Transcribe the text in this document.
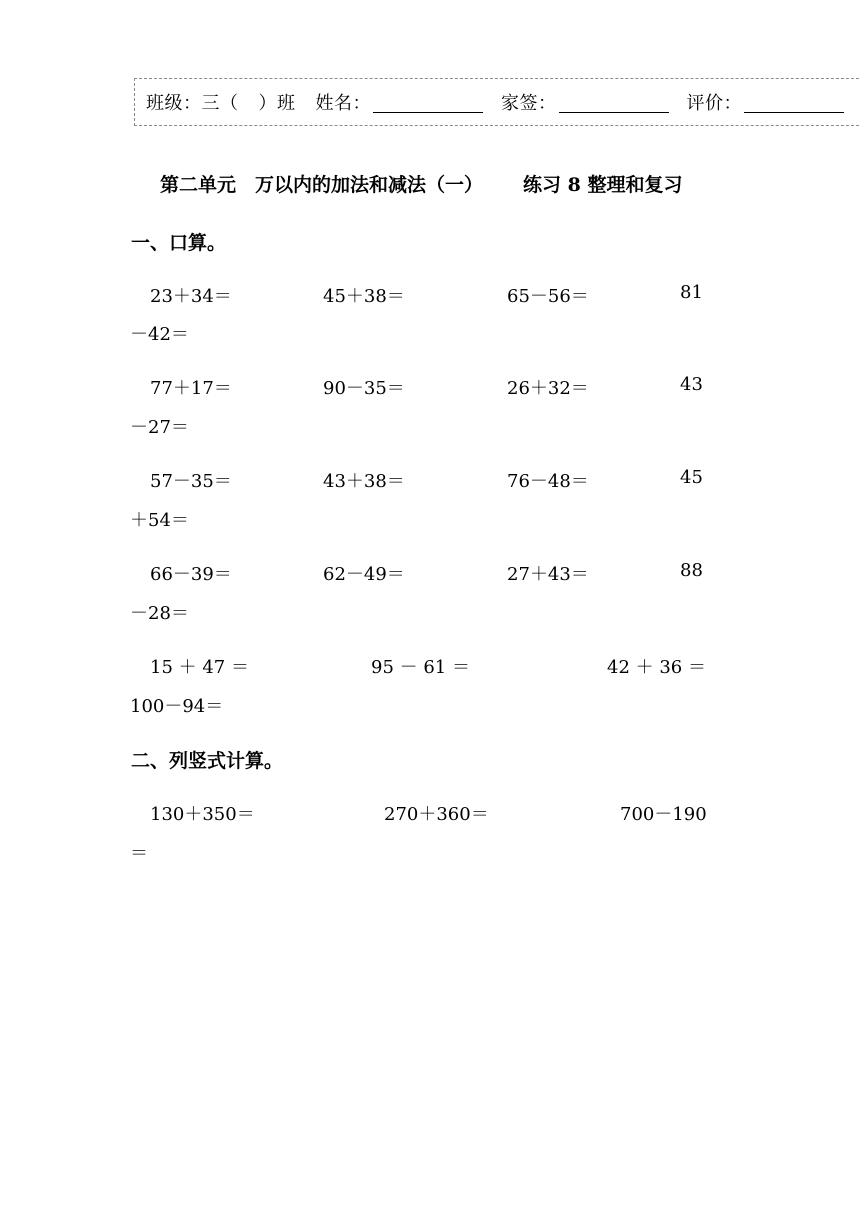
班级：三（ ）班 姓名：	家签：	评价：
第二单元　万以内的加法和减法（一） 练习 8 整理和复习
一、口算。
23＋34＝	45＋38＝	65－56＝	81
－42＝
77＋17＝	90－35＝	26＋32＝	43
－27＝
57－35＝	43＋38＝	76－48＝	45
＋54＝
66－39＝	62－49＝	27＋43＝	88
－28＝
15 ＋ 47 ＝	95 － 61 ＝	42 ＋ 36 ＝
100－94＝
二、列竖式计算。
130＋350＝	270＋360＝	700－190
＝
